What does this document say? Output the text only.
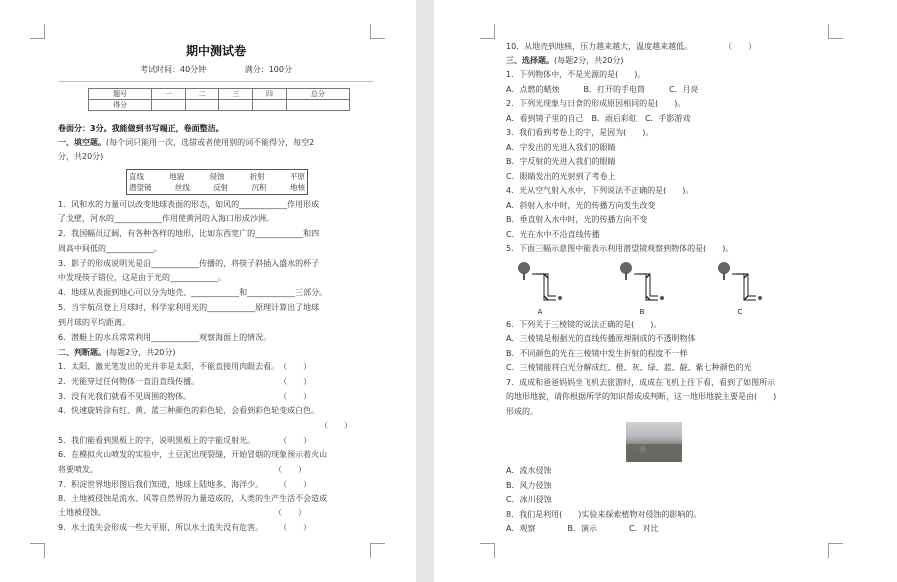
期中测试卷
考试时间：40分钟	满分：100分
题号	一	二	三	四	总分
得分					
卷面分：3分。我能做到书写端正，卷面整洁。
一、填空题。(每个词只能用一次，选错或者使用别的词不能得分，每空2
分，共20分)
直线	地貌	侵蚀	折射	平原
潜望镜	丝线	反射	沉积	地核
1．风和水的力量可以改变地球表面的形态，如风的____________作用形成
了戈壁，河水的____________作用使黄河的入海口形成沙洲。
2．我国幅员辽阔，有各种各样的地形，比如东西宽广的____________和四
周高中间低的____________。
3．影子的形成说明光是沿____________传播的，将筷子斜插入盛水的杯子
中发现筷子错位，这是由于光的____________。
4．地球从表面到地心可以分为地壳、____________和____________三部分。
5．当宇航员登上月球时，科学家利用光的____________原理计算出了地球
到月球的平均距离。
6．潜艇上的水兵常常利用____________观察海面上的情况。
二、判断题。(每题2分，共20分)
1．太阳、激光笔发出的光并非是太阳，不能直接用肉眼去看。　（　　）
2．光能穿过任何物体一直沿直线传播。　　　　　　　　　　　（　　）
3．没有光我们就看不见周围的物体。　　　　　　　　　　　　（　　）
4．快速旋转涂有红、黄、蓝三种颜色的彩色轮，会看到彩色轮变成白色。
（　　）
5．我们能看到黑板上的字，说明黑板上的字能反射光。　　　　（　　）
6．在模拟火山喷发的实验中，土豆泥出现裂缝，开始冒烟的现象预示着火山
将要喷发。　　　　　　　　　　　　　　　　　　　　　　　（　　）
7．积淀世界地形图后我们知道，地球上陆地多、海洋少。　　　（　　）
8．土地被侵蚀是流水、风等自然界的力量造成的，人类的生产生活不会造成
土地被侵蚀。　　　　　　　　　　　　　　　　　　　　　　（　　）
9．水土流失会形成一些大平原，所以水土流失没有危害。　　　（　　）
10．从地壳到地核，压力越来越大，温度越来越低。　　　　　（　　）
三、选择题。(每题2分，共20分)
1．下列物体中，不是光源的是(　　)。
A．点燃的蜡烛　　　B．打开的手电筒　　　C．月亮
2．下列光现象与日食的形成原因相同的是(　　)。
A．看到镜子里的自己　B．雨后彩虹　C．手影游戏
3．我们看到考卷上的字，是因为(　　)。
A．字发出的光进入我们的眼睛
B．字反射的光进入我们的眼睛
C．眼睛发出的光射到了考卷上
4．光从空气射入水中，下列说法不正确的是(　　)。
A．斜射入水中时，光的传播方向发生改变
B．垂直射入水中时，光的传播方向不变
C．光在水中不沿直线传播
5．下面三幅示意图中能表示利用潜望镜观察到物体的是(　　)。
A	B	C
6．下列关于三棱镜的说法正确的是(　　)。
A．三棱镜是根据光的直线传播原理制成的不透明物体
B．不同颜色的光在三棱镜中发生折射的程度不一样
C．三棱镜能将白光分解成红、橙、灰、绿、蓝、靛、紫七种颜色的光
7．成成和爸爸妈妈坐飞机去旅游时，成成在飞机上往下看，看到了如图所示
的地形地貌，请你根据所学的知识帮成成判断，这一地形地貌主要是由(　　)
形成的。
A．流水侵蚀
B．风力侵蚀
C．冰川侵蚀
8．我们是利用(　　)实验来探索植物对侵蚀的影响的。
A．观察　　　　B．演示　　　　C．对比
